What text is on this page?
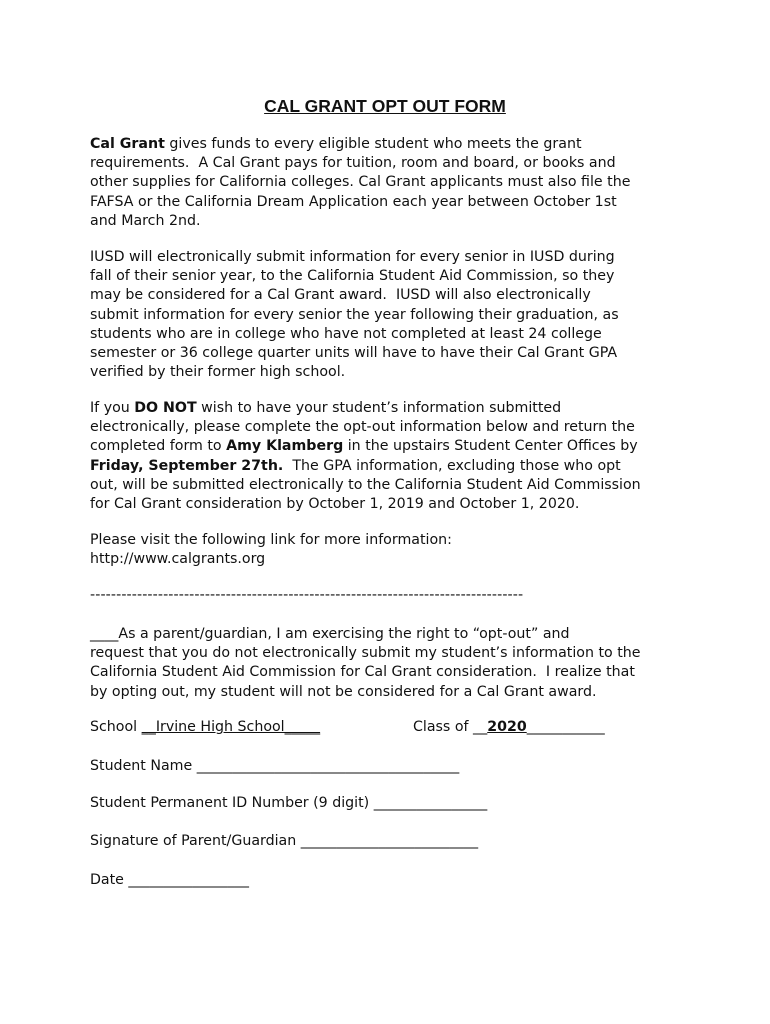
CAL GRANT OPT OUT FORM

Cal Grant gives funds to every eligible student who meets the grant
requirements.  A Cal Grant pays for tuition, room and board, or books and
other supplies for California colleges. Cal Grant applicants must also file the
FAFSA or the California Dream Application each year between October 1st
and March 2nd.

IUSD will electronically submit information for every senior in IUSD during
fall of their senior year, to the California Student Aid Commission, so they
may be considered for a Cal Grant award.  IUSD will also electronically
submit information for every senior the year following their graduation, as
students who are in college who have not completed at least 24 college
semester or 36 college quarter units will have to have their Cal Grant GPA
verified by their former high school.

If you DO NOT wish to have your student’s information submitted
electronically, please complete the opt-out information below and return the
completed form to Amy Klamberg in the upstairs Student Center Offices by
Friday, September 27th.  The GPA information, excluding those who opt
out, will be submitted electronically to the California Student Aid Commission
for Cal Grant consideration by October 1, 2019 and October 1, 2020.

Please visit the following link for more information:
http://www.calgrants.org

-----------------------------------------------------------------------------------

____As a parent/guardian, I am exercising the right to “opt-out” and
request that you do not electronically submit my student’s information to the
California Student Aid Commission for Cal Grant consideration.  I realize that
by opting out, my student will not be considered for a Cal Grant award.

School __Irvine High School_____	Class of __2020___________
Student Name _____________________________________
Student Permanent ID Number (9 digit) ________________
Signature of Parent/Guardian _________________________
Date _________________
